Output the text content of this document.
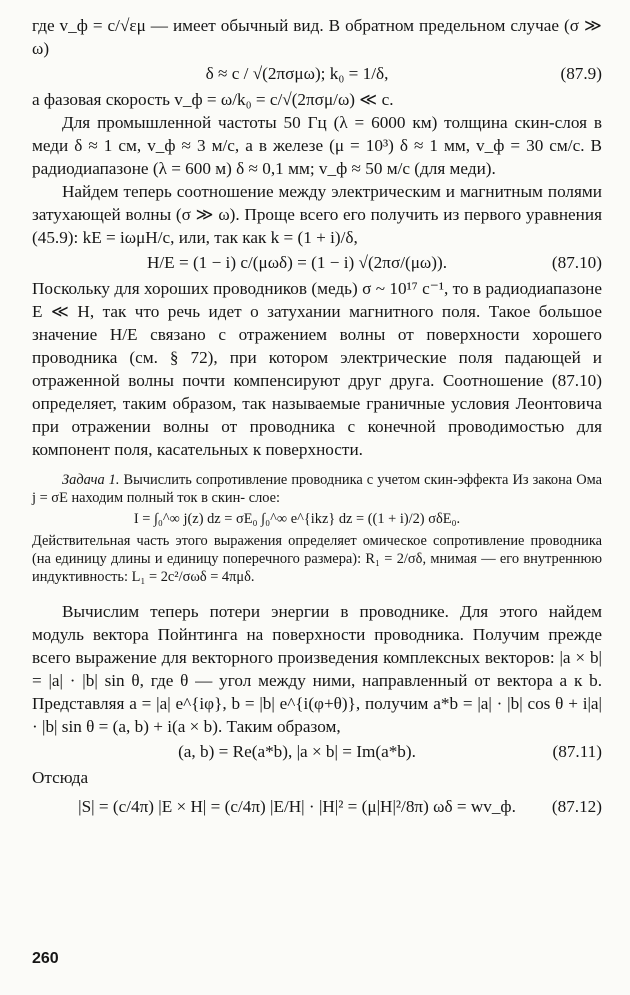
где v_ф = c/√εμ — имеет обычный вид. В обратном предельном случае (σ ≫ ω)

δ ≈ c / √(2πσμω); k₀ = 1/δ,	(87.9)

а фазовая скорость v_ф = ω/k₀ = c/√(2πσμ/ω) ≪ c.

Для промышленной частоты 50 Гц (λ = 6000 км) толщина скин-слоя в меди δ ≈ 1 см, v_ф ≈ 3 м/с, а в железе (μ = 10³) δ ≈ 1 мм, v_ф = 30 см/с. В радиодиапазоне (λ = 600 м) δ ≈ 0,1 мм; v_ф ≈ 50 м/с (для меди).

Найдем теперь соотношение между электрическим и магнитным полями затухающей волны (σ ≫ ω). Проще всего его получить из первого уравнения (45.9): kE = iωμH/c, или, так как k = (1 + i)/δ,

H/E = (1 − i) c/(μωδ) = (1 − i) √(2πσ/(μω)).	(87.10)

Поскольку для хороших проводников (медь) σ ~ 10¹⁷ с⁻¹, то в радиодиапазоне E ≪ H, так что речь идет о затухании магнитного поля. Такое большое значение H/E связано с отражением волны от поверхности хорошего проводника (см. § 72), при котором электрические поля падающей и отраженной волны почти компенсируют друг друга. Соотношение (87.10) определяет, таким образом, так называемые граничные условия Леонтовича при отражении волны от проводника с конечной проводимостью для компонент поля, касательных к поверхности.

Задача 1. Вычислить сопротивление проводника с учетом скин-эффекта Из закона Ома j = σE находим полный ток в скин- слое:

I = ∫₀^∞ j(z) dz = σE₀ ∫₀^∞ e^{ikz} dz = ((1 + i)/2) σδE₀.

Действительная часть этого выражения определяет омическое сопротивление проводника (на единицу длины и единицу поперечного размера): R₁ = 2/σδ, мнимая — его внутреннюю индуктивность: L₁ = 2c²/σωδ = 4πμδ.

Вычислим теперь потери энергии в проводнике. Для этого найдем модуль вектора Пойнтинга на поверхности проводника. Получим прежде всего выражение для векторного произведения комплексных векторов: |a × b| = |a| · |b| sin θ, где θ — угол между ними, направленный от вектора a к b. Представляя a = |a| e^{iφ}, b = |b| e^{i(φ+θ)}, получим a*b = |a| · |b| cos θ + i|a| · |b| sin θ = (a, b) + i(a × b). Таким образом,

(a, b) = Re(a*b), |a × b| = Im(a*b).	(87.11)

Отсюда

|S| = (c/4π) |E × H| = (c/4π) |E/H| · |H|² = (μ|H|²/8π) ωδ = wv_ф.	(87.12)
260
